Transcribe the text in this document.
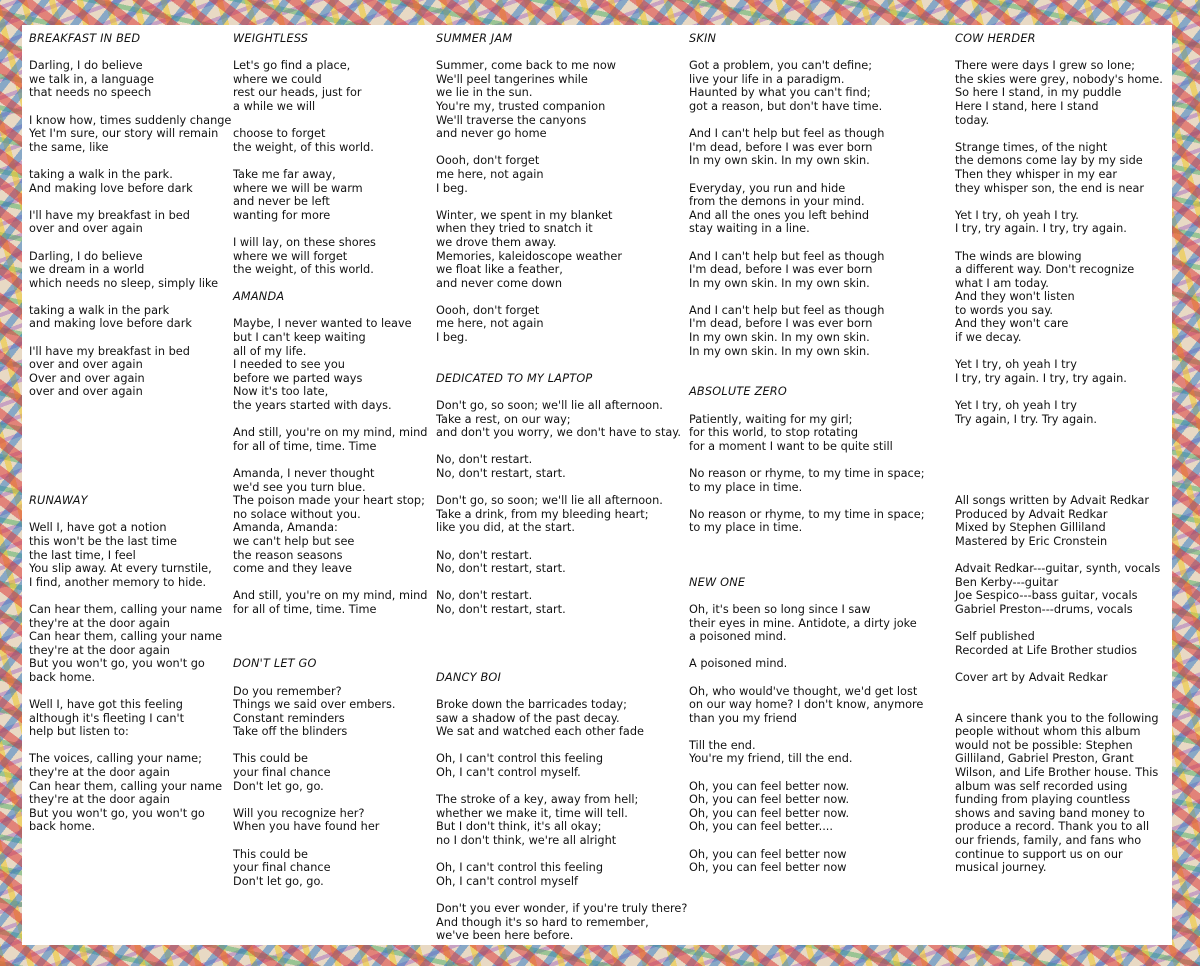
BREAKFAST IN BED
Darling, I do believe
we talk in, a language
that needs no speech
I know how, times suddenly change
Yet I'm sure, our story will remain
the same, like
taking a walk in the park.
And making love before dark
I'll have my breakfast in bed
over and over again
Darling, I do believe
we dream in a world
which needs no sleep, simply like
taking a walk in the park
and making love before dark
I'll have my breakfast in bed
over and over again
Over and over again
over and over again
RUNAWAY
Well I, have got a notion
this won't be the last time
the last time, I feel
You slip away. At every turnstile,
I find, another memory to hide.
Can hear them, calling your name
they're at the door again
Can hear them, calling your name
they're at the door again
But you won't go, you won't go
back home.
Well I, have got this feeling
although it's fleeting I can't
help but listen to:
The voices, calling your name;
they're at the door again
Can hear them, calling your name
they're at the door again
But you won't go, you won't go
back home.
WEIGHTLESS
Let's go find a place,
where we could
rest our heads, just for
a while we will
choose to forget
the weight, of this world.
Take me far away,
where we will be warm
and never be left
wanting for more
I will lay, on these shores
where we will forget
the weight, of this world.
AMANDA
Maybe, I never wanted to leave
but I can't keep waiting
all of my life.
I needed to see you
before we parted ways
Now it's too late,
the years started with days.
And still, you're on my mind, mind
for all of time, time. Time
Amanda, I never thought
we'd see you turn blue.
The poison made your heart stop;
no solace without you.
Amanda, Amanda:
we can't help but see
the reason seasons
come and they leave
And still, you're on my mind, mind
for all of time, time. Time
DON'T LET GO
Do you remember?
Things we said over embers.
Constant reminders
Take off the blinders
This could be
your final chance
Don't let go, go.
Will you recognize her?
When you have found her
This could be
your final chance
Don't let go, go.
SUMMER JAM
Summer, come back to me now
We'll peel tangerines while
we lie in the sun.
You're my, trusted companion
We'll traverse the canyons
and never go home
Oooh, don't forget
me here, not again
I beg.
Winter, we spent in my blanket
when they tried to snatch it
we drove them away.
Memories, kaleidoscope weather
we float like a feather,
and never come down
Oooh, don't forget
me here, not again
I beg.
DEDICATED TO MY LAPTOP
Don't go, so soon; we'll lie all afternoon.
Take a rest, on our way;
and don't you worry, we don't have to stay.
No, don't restart.
No, don't restart, start.
Don't go, so soon; we'll lie all afternoon.
Take a drink, from my bleeding heart;
like you did, at the start.
No, don't restart.
No, don't restart, start.
No, don't restart.
No, don't restart, start.
DANCY BOI
Broke down the barricades today;
saw a shadow of the past decay.
We sat and watched each other fade
Oh, I can't control this feeling
Oh, I can't control myself.
The stroke of a key, away from hell;
whether we make it, time will tell.
But I don't think, it's all okay;
no I don't think, we're all alright
Oh, I can't control this feeling
Oh, I can't control myself
Don't you ever wonder, if you're truly there?
And though it's so hard to remember,
we've been here before.
SKIN
Got a problem, you can't define;
live your life in a paradigm.
Haunted by what you can't find;
got a reason, but don't have time.
And I can't help but feel as though
I'm dead, before I was ever born
In my own skin. In my own skin.
Everyday, you run and hide
from the demons in your mind.
And all the ones you left behind
stay waiting in a line.
And I can't help but feel as though
I'm dead, before I was ever born
In my own skin. In my own skin.
And I can't help but feel as though
I'm dead, before I was ever born
In my own skin. In my own skin.
In my own skin. In my own skin.
ABSOLUTE ZERO
Patiently, waiting for my girl;
for this world, to stop rotating
for a moment I want to be quite still
No reason or rhyme, to my time in space;
to my place in time.
No reason or rhyme, to my time in space;
to my place in time.
NEW ONE
Oh, it's been so long since I saw
their eyes in mine. Antidote, a dirty joke
a poisoned mind.
A poisoned mind.
Oh, who would've thought, we'd get lost
on our way home? I don't know, anymore
than you my friend
Till the end.
You're my friend, till the end.
Oh, you can feel better now.
Oh, you can feel better now.
Oh, you can feel better now.
Oh, you can feel better....
Oh, you can feel better now
Oh, you can feel better now
COW HERDER
There were days I grew so lone;
the skies were grey, nobody's home.
So here I stand, in my puddle
Here I stand, here I stand
today.
Strange times, of the night
the demons come lay by my side
Then they whisper in my ear
they whisper son, the end is near
Yet I try, oh yeah I try.
I try, try again. I try, try again.
The winds are blowing
a different way. Don't recognize
what I am today.
And they won't listen
to words you say.
And they won't care
if we decay.
Yet I try, oh yeah I try
I try, try again. I try, try again.
Yet I try, oh yeah I try
Try again, I try. Try again.
All songs written by Advait Redkar
Produced by Advait Redkar
Mixed by Stephen Gilliland
Mastered by Eric Cronstein
Advait Redkar---guitar, synth, vocals
Ben Kerby---guitar
Joe Sespico---bass guitar, vocals
Gabriel Preston---drums, vocals
Self published
Recorded at Life Brother studios
Cover art by Advait Redkar
A sincere thank you to the following
people without whom this album
would not be possible: Stephen
Gilliland, Gabriel Preston, Grant
Wilson, and Life Brother house. This
album was self recorded using
funding from playing countless
shows and saving band money to
produce a record. Thank you to all
our friends, family, and fans who
continue to support us on our
musical journey.
